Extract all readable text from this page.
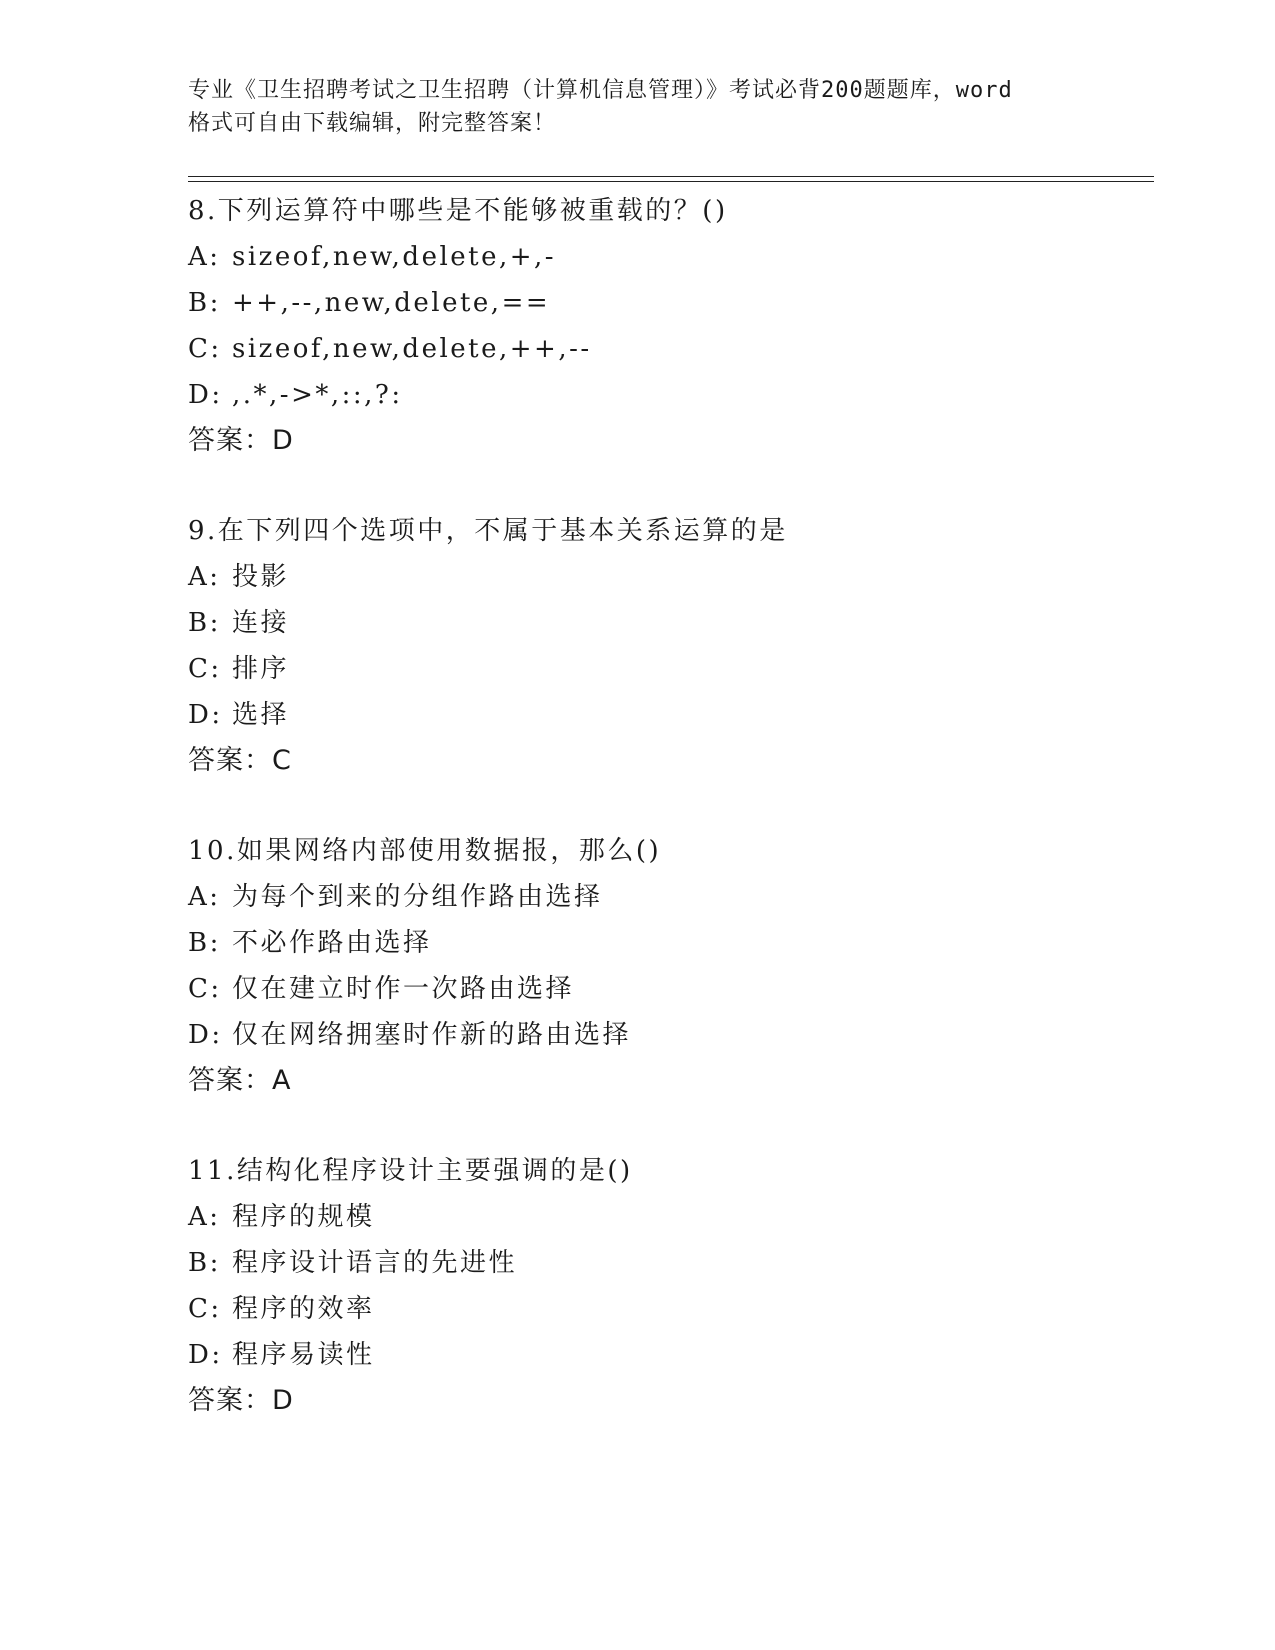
专业《卫生招聘考试之卫生招聘（计算机信息管理）》考试必背200题题库，word
格式可自由下载编辑，附完整答案！
8.下列运算符中哪些是不能够被重载的？()
A: sizeof,new,delete,+,-
B: ++,--,new,delete,==
C: sizeof,new,delete,++,--
D: ,.*,->*,::,?:
答案：D
9.在下列四个选项中，不属于基本关系运算的是
A: 投影
B: 连接
C: 排序
D: 选择
答案：C
10.如果网络内部使用数据报，那么()
A: 为每个到来的分组作路由选择
B: 不必作路由选择
C: 仅在建立时作一次路由选择
D: 仅在网络拥塞时作新的路由选择
答案：A
11.结构化程序设计主要强调的是()
A: 程序的规模
B: 程序设计语言的先进性
C: 程序的效率
D: 程序易读性
答案：D
